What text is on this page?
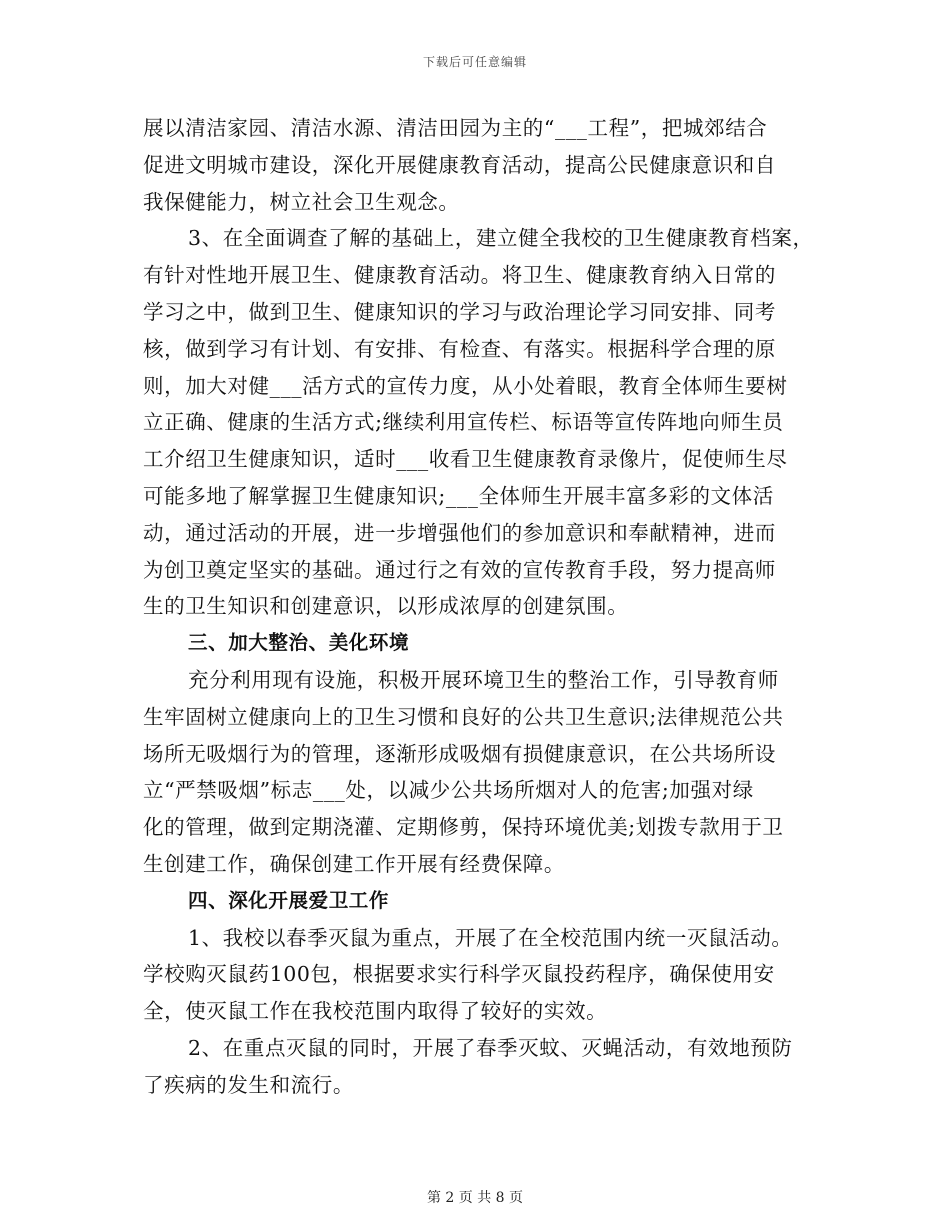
下载后可任意编辑
展以清洁家园、清洁水源、清洁田园为主的“___工程”，把城郊结合
促进文明城市建设，深化开展健康教育活动，提高公民健康意识和自
我保健能力，树立社会卫生观念。
3、在全面调查了解的基础上，建立健全我校的卫生健康教育档案，
有针对性地开展卫生、健康教育活动。将卫生、健康教育纳入日常的
学习之中，做到卫生、健康知识的学习与政治理论学习同安排、同考
核，做到学习有计划、有安排、有检查、有落实。根据科学合理的原
则，加大对健___活方式的宣传力度，从小处着眼，教育全体师生要树
立正确、健康的生活方式;继续利用宣传栏、标语等宣传阵地向师生员
工介绍卫生健康知识，适时___收看卫生健康教育录像片，促使师生尽
可能多地了解掌握卫生健康知识;___全体师生开展丰富多彩的文体活
动，通过活动的开展，进一步增强他们的参加意识和奉献精神，进而
为创卫奠定坚实的基础。通过行之有效的宣传教育手段，努力提高师
生的卫生知识和创建意识，以形成浓厚的创建氛围。
三、加大整治、美化环境
充分利用现有设施，积极开展环境卫生的整治工作，引导教育师
生牢固树立健康向上的卫生习惯和良好的公共卫生意识;法律规范公共
场所无吸烟行为的管理，逐渐形成吸烟有损健康意识，在公共场所设
立“严禁吸烟”标志___处，以减少公共场所烟对人的危害;加强对绿
化的管理，做到定期浇灌、定期修剪，保持环境优美;划拨专款用于卫
生创建工作，确保创建工作开展有经费保障。
四、深化开展爱卫工作
1、我校以春季灭鼠为重点，开展了在全校范围内统一灭鼠活动。
学校购灭鼠药100包，根据要求实行科学灭鼠投药程序，确保使用安
全，使灭鼠工作在我校范围内取得了较好的实效。
2、在重点灭鼠的同时，开展了春季灭蚊、灭蝇活动，有效地预防
了疾病的发生和流行。
第 2 页 共 8 页
